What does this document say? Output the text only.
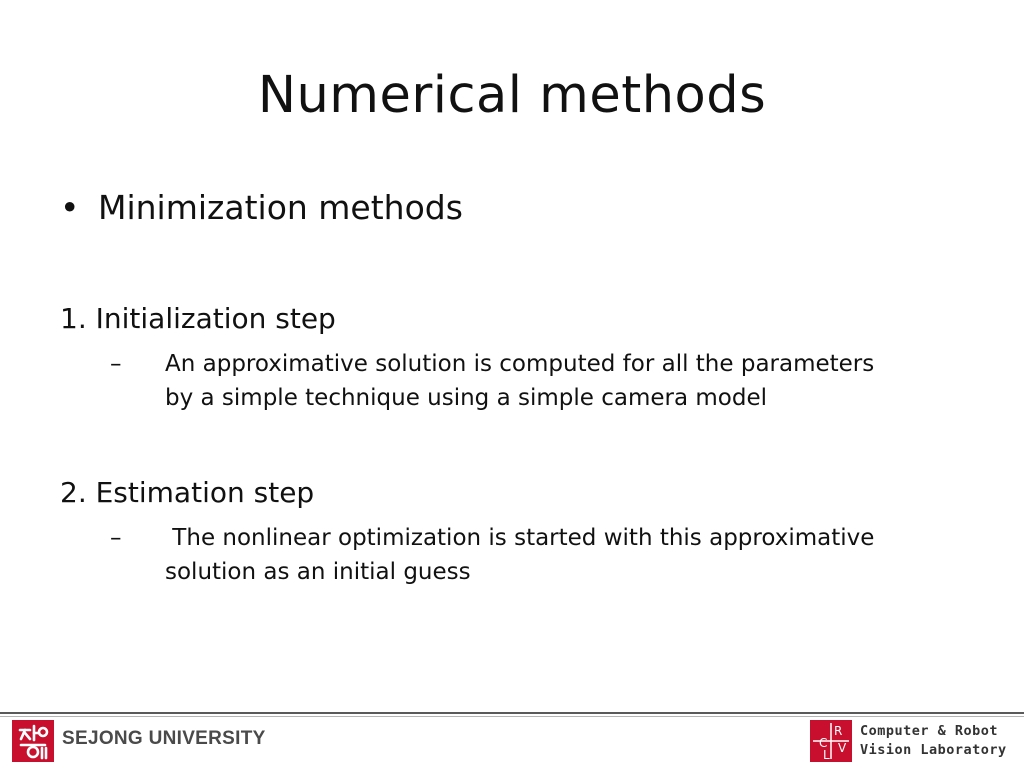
Numerical methods
• Minimization methods
1. Initialization step
– An approximative solution is computed for all the parameters
by a simple technique using a simple camera model
2. Estimation step
– The nonlinear optimization is started with this approximative
solution as an initial guess
SEJONG UNIVERSITY	C
R
V
L
Computer & Robot
Vision Laboratory
